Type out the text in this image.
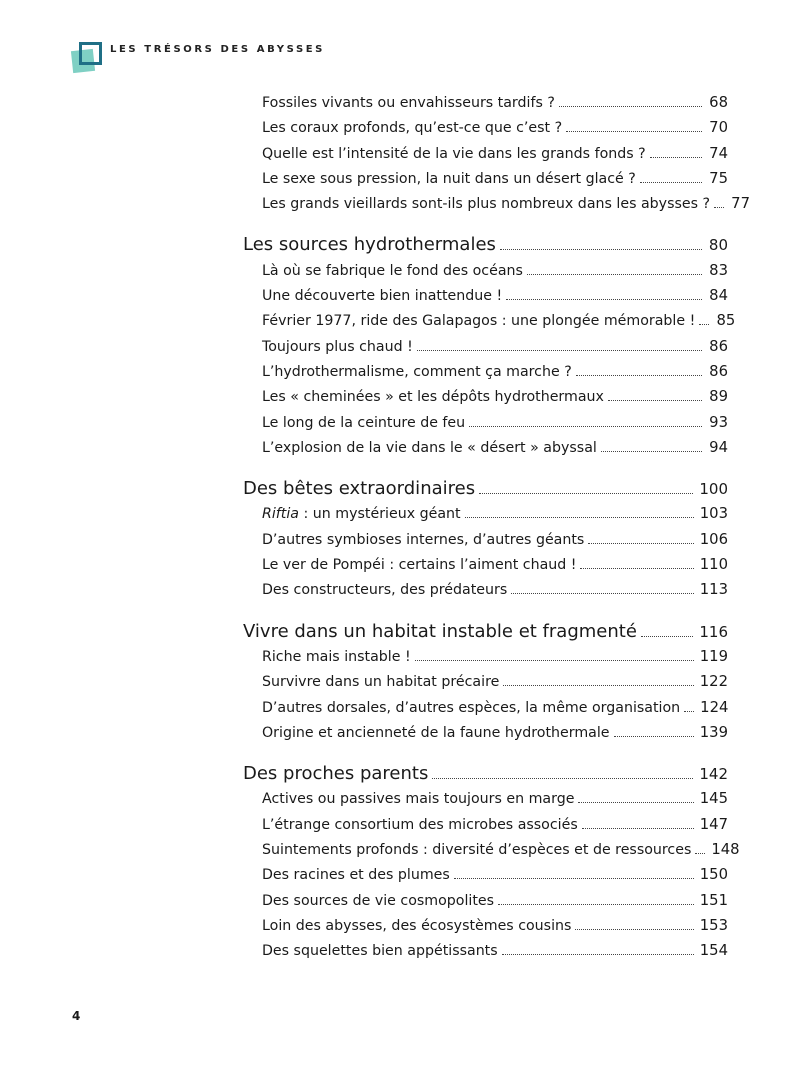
LES TRÉSORS DES ABYSSES
Fossiles vivants ou envahisseurs tardifs ?	68
Les coraux profonds, qu’est-ce que c’est ?	70
Quelle est l’intensité de la vie dans les grands fonds ?	74
Le sexe sous pression, la nuit dans un désert glacé ?	75
Les grands vieillards sont-ils plus nombreux dans les abysses ?	77
Les sources hydrothermales	80
Là où se fabrique le fond des océans	83
Une découverte bien inattendue !	84
Février 1977, ride des Galapagos : une plongée mémorable !	85
Toujours plus chaud !	86
L’hydrothermalisme, comment ça marche ?	86
Les « cheminées » et les dépôts hydrothermaux	89
Le long de la ceinture de feu	93
L’explosion de la vie dans le « désert » abyssal	94
Des bêtes extraordinaires	100
Riftia : un mystérieux géant	103
D’autres symbioses internes, d’autres géants	106
Le ver de Pompéi : certains l’aiment chaud !	110
Des constructeurs, des prédateurs	113
Vivre dans un habitat instable et fragmenté	116
Riche mais instable !	119
Survivre dans un habitat précaire	122
D’autres dorsales, d’autres espèces, la même organisation	124
Origine et ancienneté de la faune hydrothermale	139
Des proches parents	142
Actives ou passives mais toujours en marge	145
L’étrange consortium des microbes associés	147
Suintements profonds : diversité d’espèces et de ressources	148
Des racines et des plumes	150
Des sources de vie cosmopolites	151
Loin des abysses, des écosystèmes cousins	153
Des squelettes bien appétissants	154
4
